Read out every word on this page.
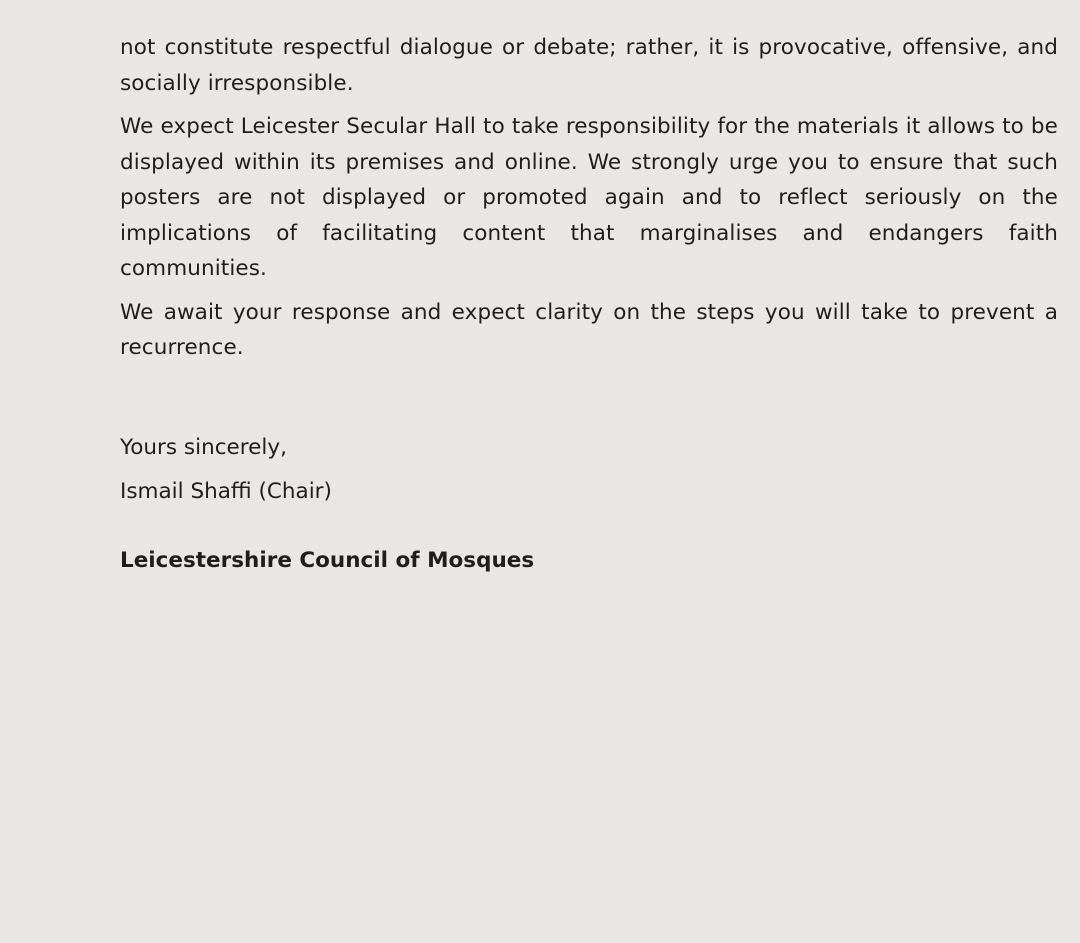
not constitute respectful dialogue or debate; rather, it is provocative, offensive, and socially irresponsible.

We expect Leicester Secular Hall to take responsibility for the materials it allows to be displayed within its premises and online. We strongly urge you to ensure that such posters are not displayed or promoted again and to reflect seriously on the implications of facilitating content that marginalises and endangers faith communities.

We await your response and expect clarity on the steps you will take to prevent a recurrence.

Yours sincerely,

Ismail Shaffi (Chair)

Leicestershire Council of Mosques
